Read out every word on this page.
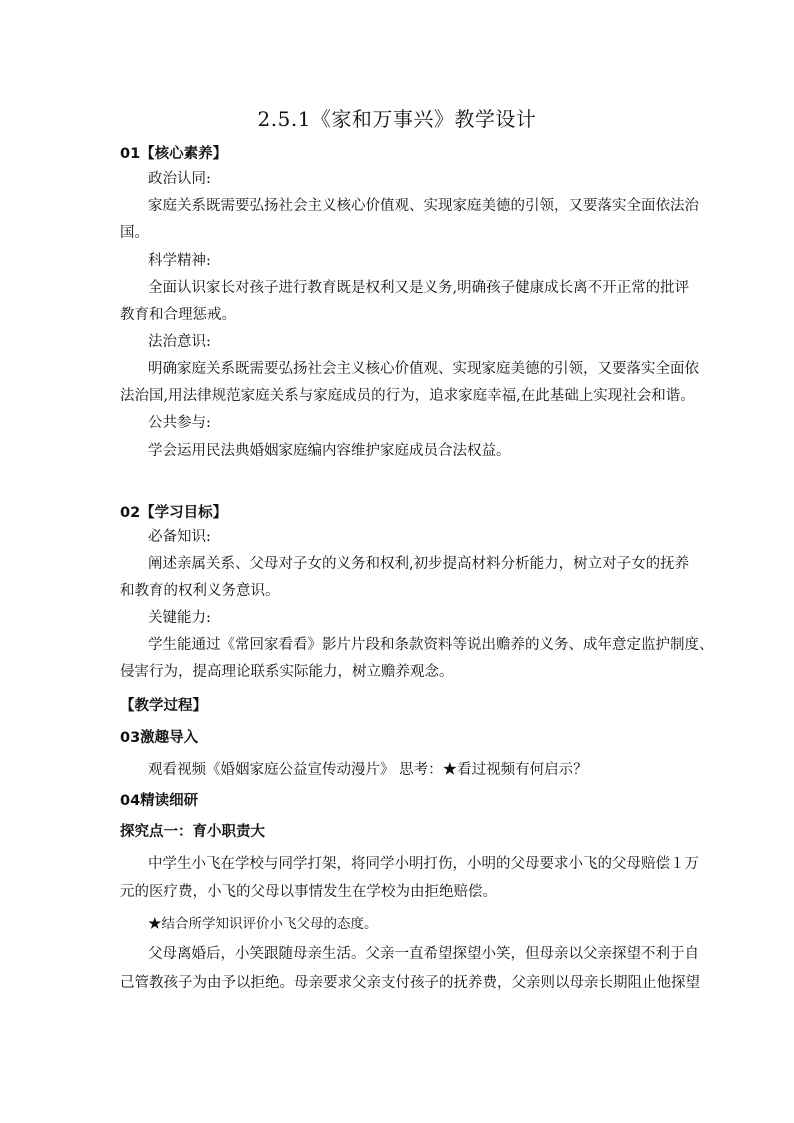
2.5.1《家和万事兴》教学设计
01【核心素养】
政治认同:
家庭关系既需要弘扬社会主义核心价值观、实现家庭美德的引领，又要落实全面依法治
国。
科学精神:
全面认识家长对孩子进行教育既是权利又是义务,明确孩子健康成长离不开正常的批评
教育和合理惩戒。
法治意识:
明确家庭关系既需要弘扬社会主义核心价值观、实现家庭美德的引领，又要落实全面依
法治国,用法律规范家庭关系与家庭成员的行为，追求家庭幸福,在此基础上实现社会和谐。
公共参与:
学会运用民法典婚姻家庭编内容维护家庭成员合法权益。
02【学习目标】
必备知识:
阐述亲属关系、父母对子女的义务和权利,初步提高材料分析能力，树立对子女的抚养
和教育的权利义务意识。
关键能力:
学生能通过《常回家看看》影片片段和条款资料等说出赡养的义务、成年意定监护制度、
侵害行为，提高理论联系实际能力，树立赡养观念。
【教学过程】
03激趣导入
观看视频《婚姻家庭公益宣传动漫片》 思考：★看过视频有何启示？
04精读细研
探究点一：育小职责大
中学生小飞在学校与同学打架，将同学小明打伤，小明的父母要求小飞的父母赔偿１万
元的医疗费，小飞的父母以事情发生在学校为由拒绝赔偿。
★结合所学知识评价小飞父母的态度。
父母离婚后，小笑跟随母亲生活。父亲一直希望探望小笑，但母亲以父亲探望不利于自
己管教孩子为由予以拒绝。母亲要求父亲支付孩子的抚养费，父亲则以母亲长期阻止他探望
